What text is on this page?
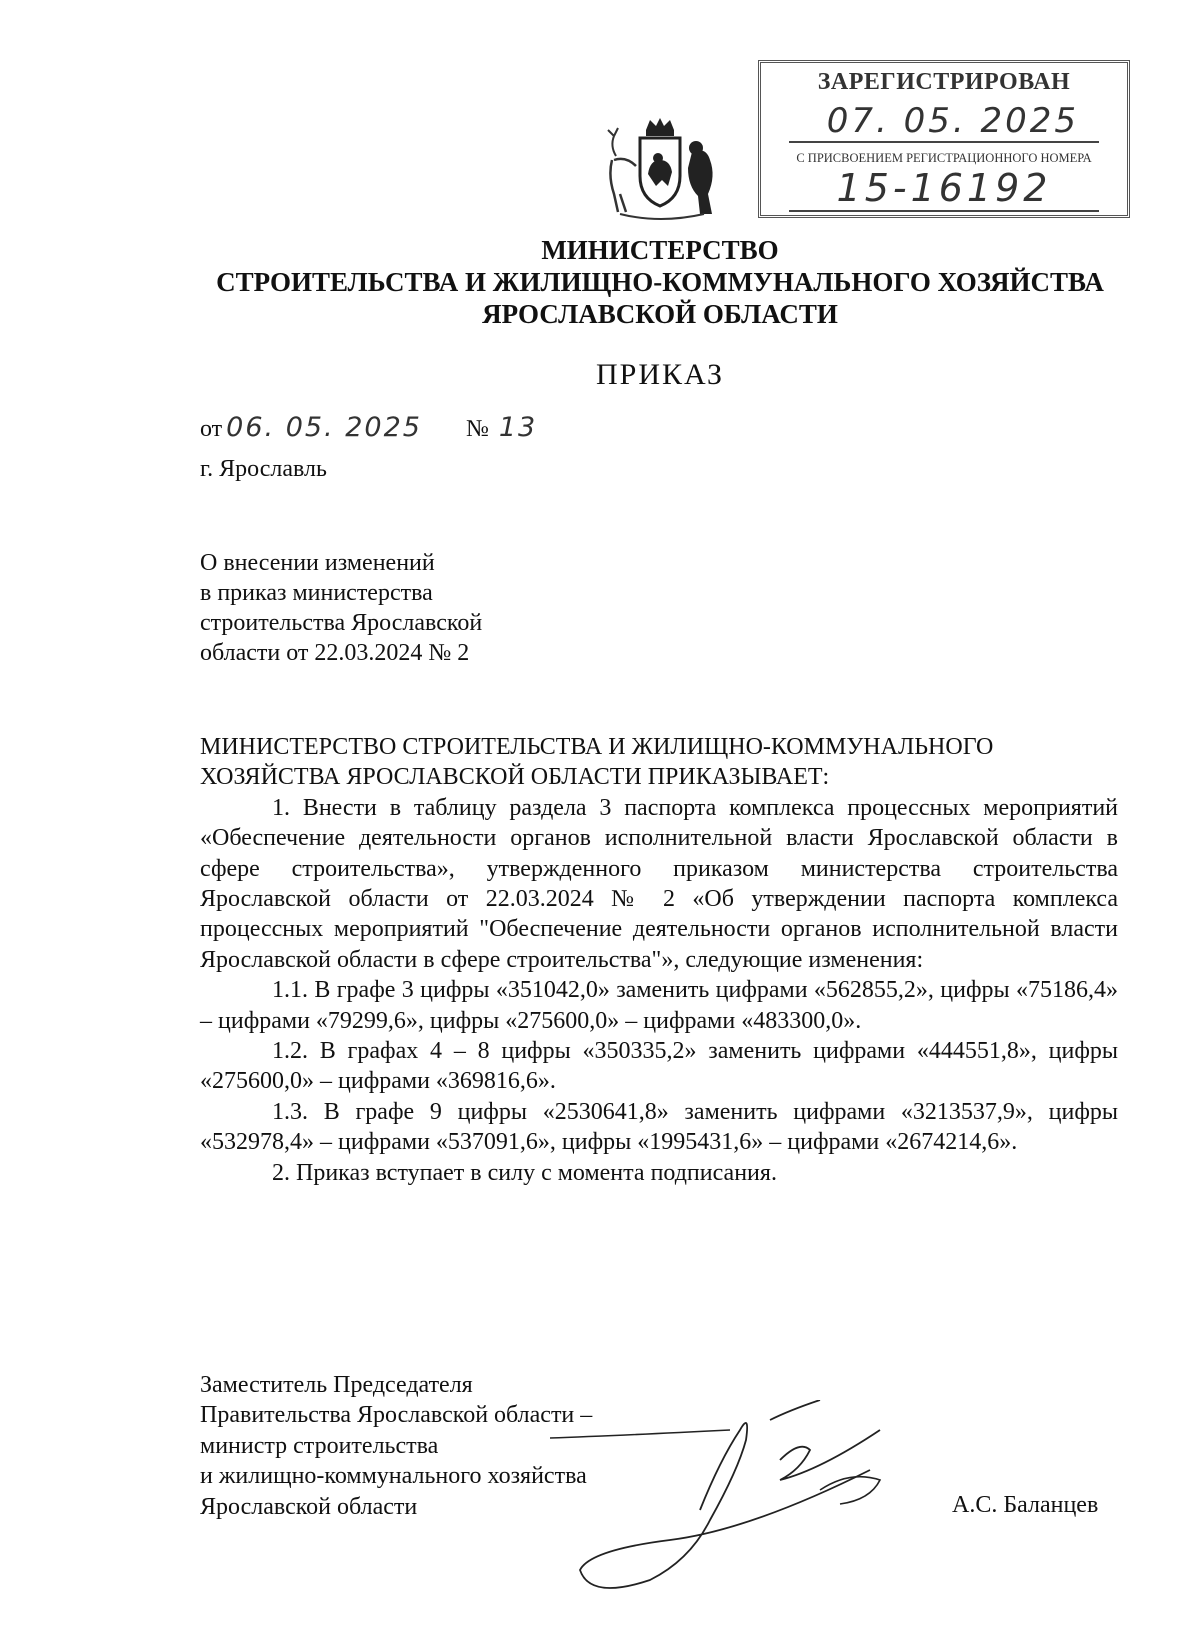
ЗАРЕГИСТРИРОВАН
07. 05. 2025
С ПРИСВОЕНИЕМ РЕГИСТРАЦИОННОГО НОМЕРА
15-16192
МИНИСТЕРСТВО
СТРОИТЕЛЬСТВА И ЖИЛИЩНО-КОММУНАЛЬНОГО ХОЗЯЙСТВА
ЯРОСЛАВСКОЙ ОБЛАСТИ
ПРИКАЗ
от 06. 05. 2025 № 13
г. Ярославль
О внесении изменений
в приказ министерства
строительства Ярославской
области от 22.03.2024 № 2

МИНИСТЕРСТВО СТРОИТЕЛЬСТВА И ЖИЛИЩНО-КОММУНАЛЬНОГО ХОЗЯЙСТВА ЯРОСЛАВСКОЙ ОБЛАСТИ ПРИКАЗЫВАЕТ:

1. Внести в таблицу раздела 3 паспорта комплекса процессных мероприятий «Обеспечение деятельности органов исполнительной власти Ярославской области в сфере строительства», утвержденного приказом министерства строительства Ярославской области от 22.03.2024 № 2 «Об утверждении паспорта комплекса процессных мероприятий "Обеспечение деятельности органов исполнительной власти Ярославской области в сфере строительства"», следующие изменения:

1.1. В графе 3 цифры «351042,0» заменить цифрами «562855,2», цифры «75186,4» – цифрами «79299,6», цифры «275600,0» – цифрами «483300,0».

1.2. В графах 4 – 8 цифры «350335,2» заменить цифрами «444551,8», цифры «275600,0» – цифрами «369816,6».

1.3. В графе 9 цифры «2530641,8» заменить цифрами «3213537,9», цифры «532978,4» – цифрами «537091,6», цифры «1995431,6» – цифрами «2674214,6».

2. Приказ вступает в силу с момента подписания.

Заместитель Председателя
Правительства Ярославской области –
министр строительства
и жилищно-коммунального хозяйства
Ярославской области	А.С. Баланцев
